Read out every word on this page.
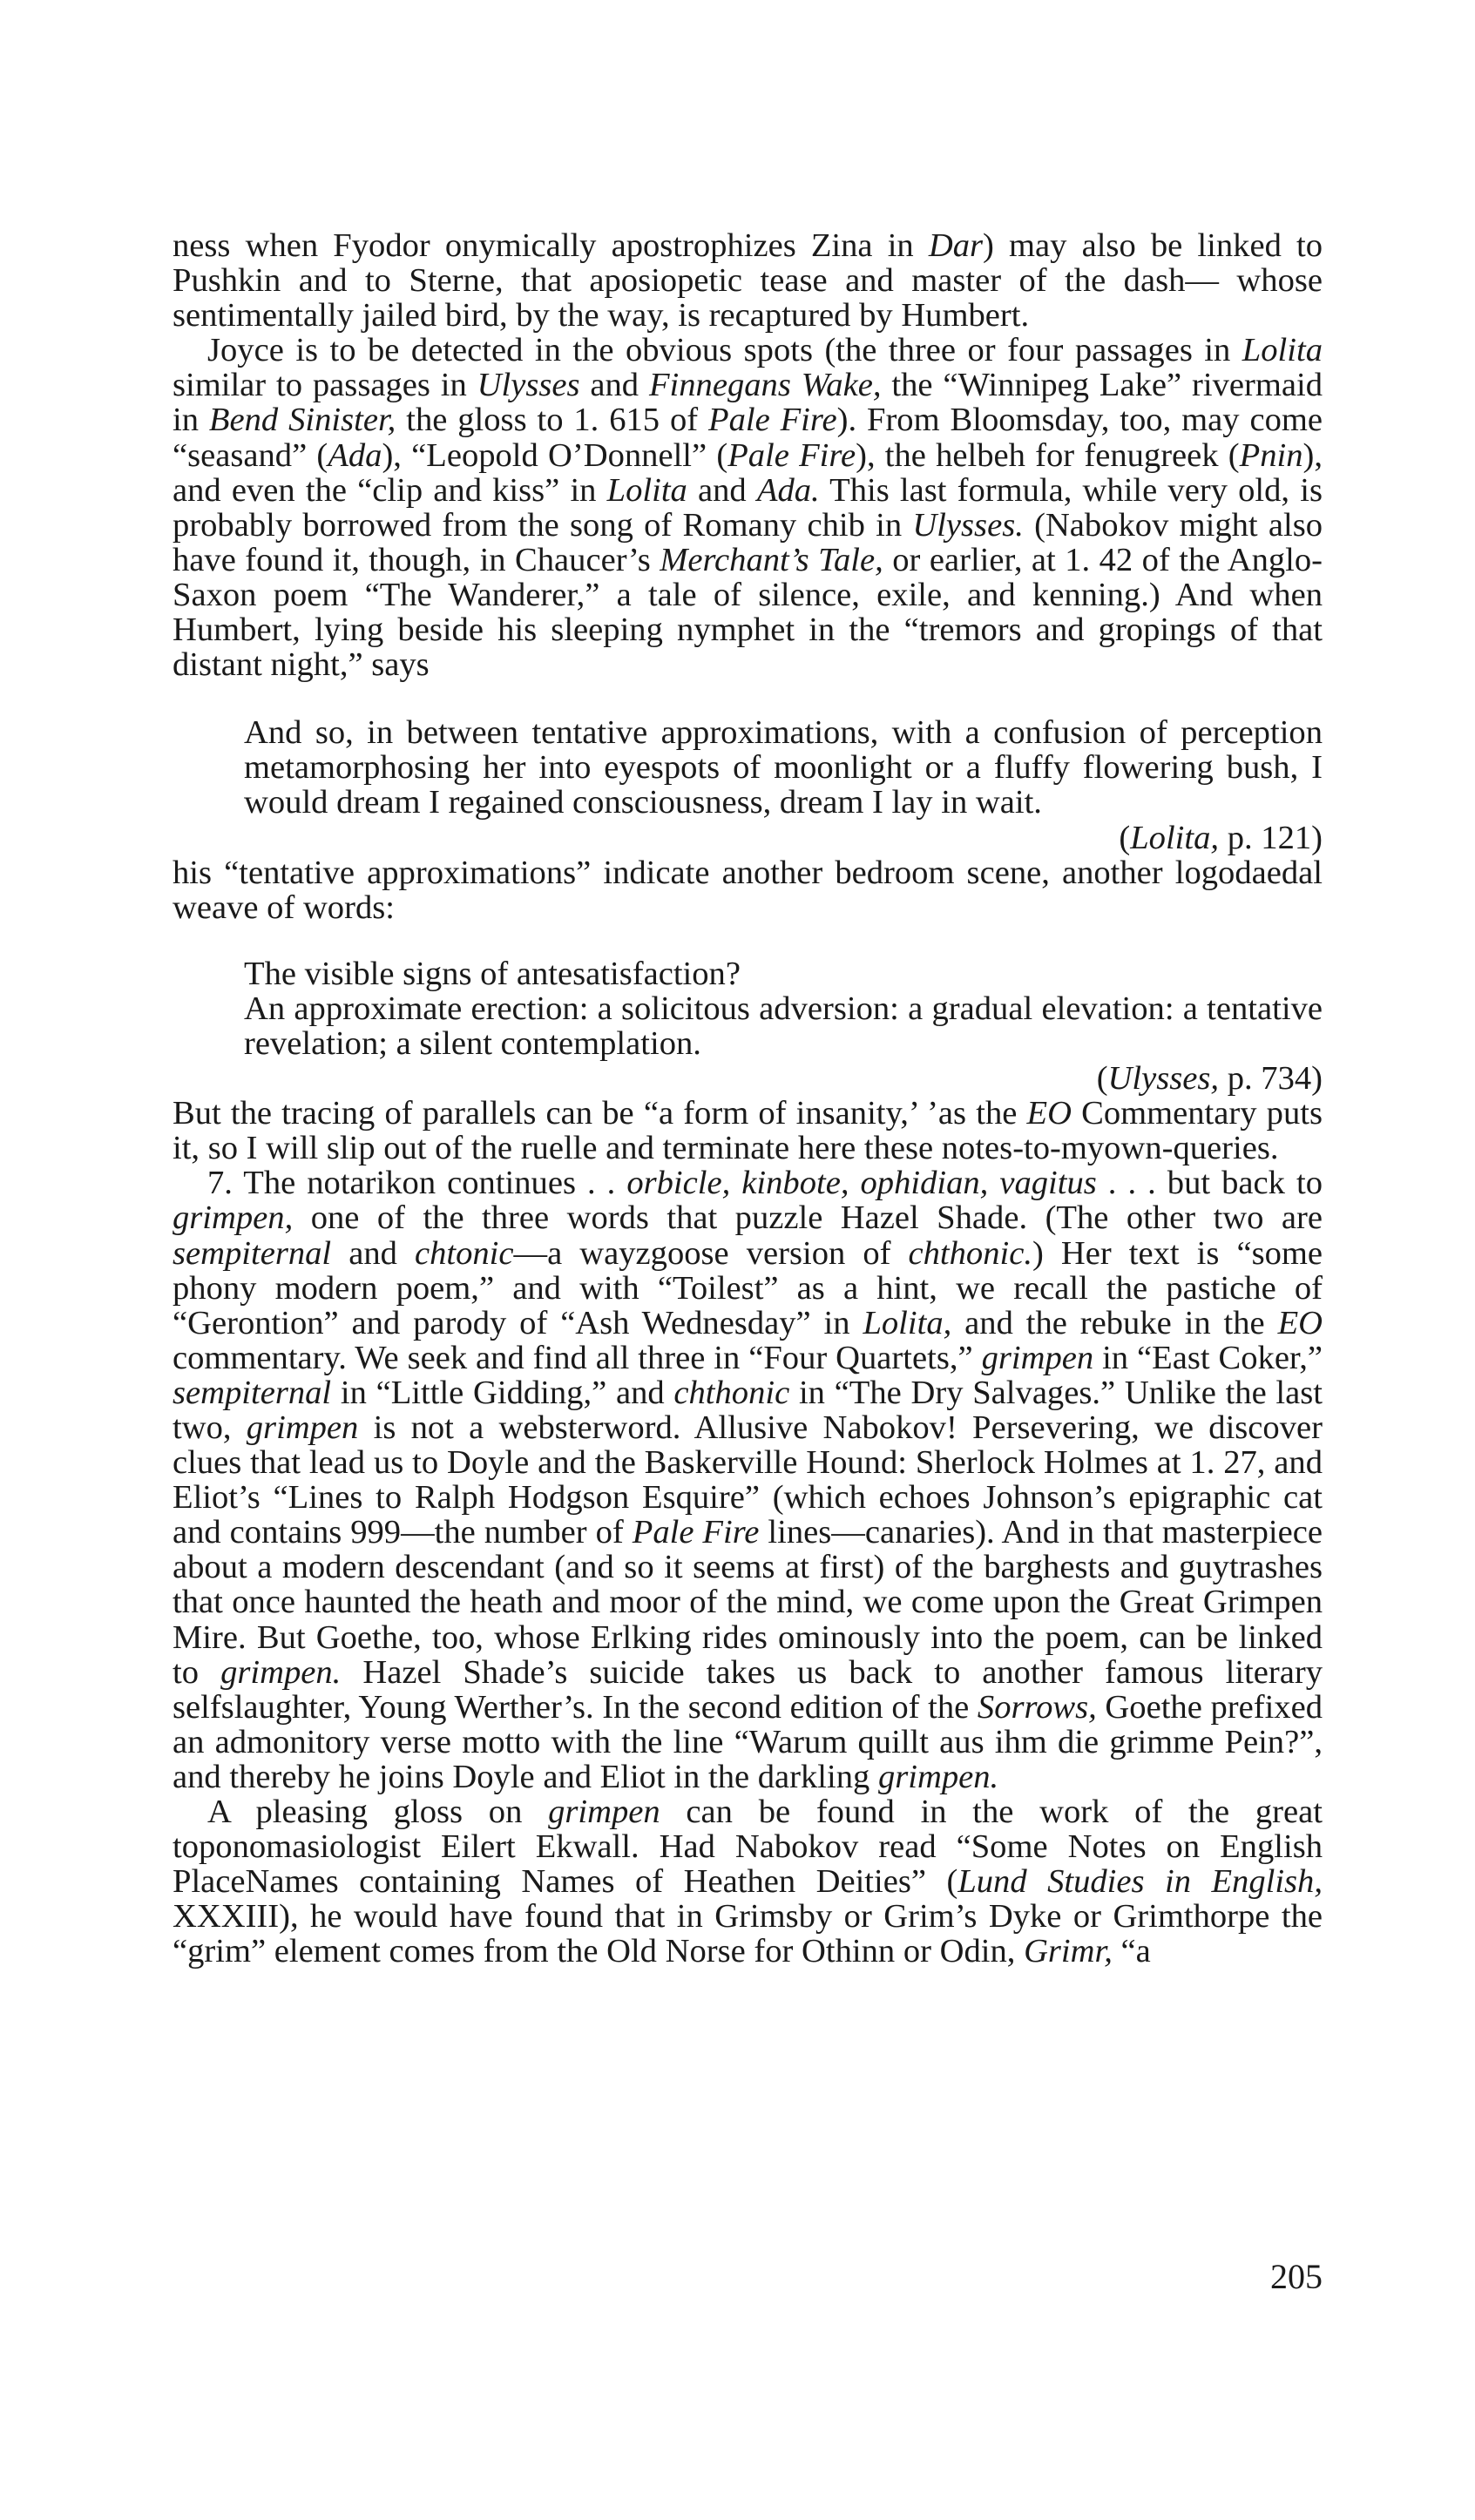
ness when Fyodor onymically apostrophizes Zina in Dar) may also be linked to Pushkin and to Sterne, that aposiopetic tease and master of the dash— whose sentimentally jailed bird, by the way, is recaptured by Humbert.

Joyce is to be detected in the obvious spots (the three or four passages in Lolita similar to passages in Ulysses and Finnegans Wake, the “Winnipeg Lake” rivermaid in Bend Sinister, the gloss to 1. 615 of Pale Fire). From Bloomsday, too, may come “seasand” (Ada), “Leopold O’Donnell” (Pale Fire), the helbeh for fenugreek (Pnin), and even the “clip and kiss” in Lolita and Ada. This last formula, while very old, is probably borrowed from the song of Romany chib in Ulysses. (Nabokov might also have found it, though, in Chaucer’s Merchant’s Tale, or earlier, at 1. 42 of the Anglo-Saxon poem “The Wanderer,” a tale of silence, exile, and kenning.) And when Humbert, lying beside his sleeping nymphet in the “tremors and gropings of that distant night,” says

And so, in between tentative approximations, with a confusion of perception metamorphosing her into eyespots of moonlight or a fluffy flowering bush, I would dream I regained consciousness, dream I lay in wait.

(Lolita, p. 121)

his “tentative approximations” indicate another bedroom scene, another logodaedal weave of words:

The visible signs of antesatisfaction?

An approximate erection: a solicitous adversion: a gradual elevation: a tentative revelation; a silent contemplation.

(Ulysses, p. 734)

But the tracing of parallels can be “a form of insanity,’ ’as the EO Commentary puts it, so I will slip out of the ruelle and terminate here these notes-to-myown-queries.

7. The notarikon continues . . orbicle, kinbote, ophidian, vagitus . . . but back to grimpen, one of the three words that puzzle Hazel Shade. (The other two are sempiternal and chtonic—a wayzgoose version of chthonic.) Her text is “some phony modern poem,” and with “Toilest” as a hint, we recall the pastiche of “Gerontion” and parody of “Ash Wednesday” in Lolita, and the rebuke in the EO commentary. We seek and find all three in “Four Quartets,” grimpen in “East Coker,” sempiternal in “Little Gidding,” and chthonic in “The Dry Salvages.” Unlike the last two, grimpen is not a websterword. Allusive Nabokov! Persevering, we discover clues that lead us to Doyle and the Baskerville Hound: Sherlock Holmes at 1. 27, and Eliot’s “Lines to Ralph Hodgson Esquire” (which echoes Johnson’s epigraphic cat and contains 999—the number of Pale Fire lines—canaries). And in that masterpiece about a modern descendant (and so it seems at first) of the barghests and guytrashes that once haunted the heath and moor of the mind, we come upon the Great Grimpen Mire. But Goethe, too, whose Erlking rides ominously into the poem, can be linked to grimpen. Hazel Shade’s suicide takes us back to another famous literary selfslaughter, Young Werther’s. In the second edition of the Sorrows, Goethe prefixed an admonitory verse motto with the line “Warum quillt aus ihm die grimme Pein?”, and thereby he joins Doyle and Eliot in the darkling grimpen.

A pleasing gloss on grimpen can be found in the work of the great toponomasiologist Eilert Ekwall. Had Nabokov read “Some Notes on English PlaceNames containing Names of Heathen Deities” (Lund Studies in English, XXXIII), he would have found that in Grimsby or Grim’s Dyke or Grimthorpe the “grim” element comes from the Old Norse for Othinn or Odin, Grimr, “a

205
